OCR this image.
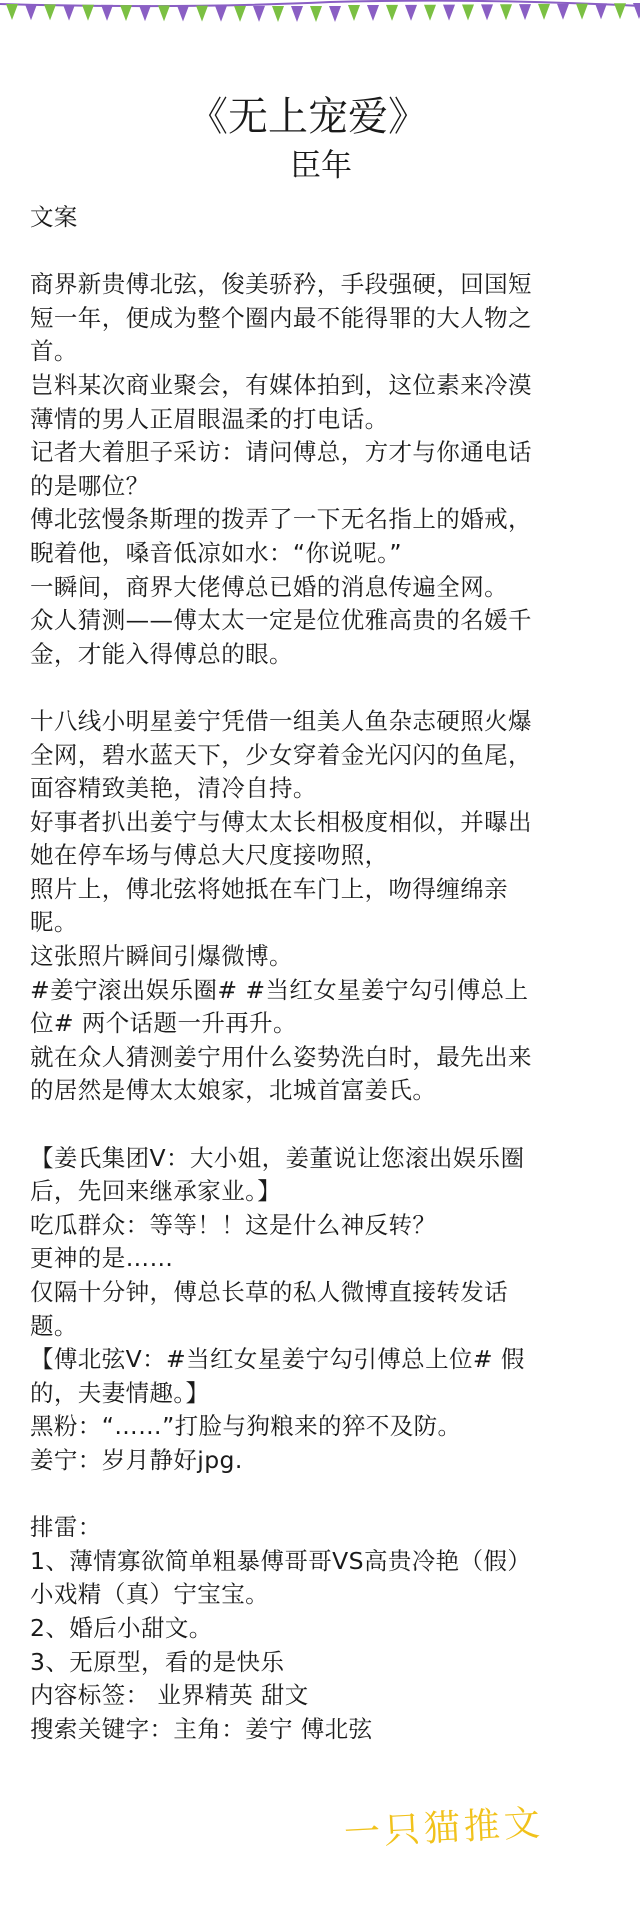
《无上宠爱》
臣年
文案
商界新贵傅北弦，俊美骄矜，手段强硬，回国短
短一年，便成为整个圈内最不能得罪的大人物之
首。
岂料某次商业聚会，有媒体拍到，这位素来冷漠
薄情的男人正眉眼温柔的打电话。
记者大着胆子采访：请问傅总，方才与你通电话
的是哪位？
傅北弦慢条斯理的拨弄了一下无名指上的婚戒，
睨着他，嗓音低凉如水：“你说呢。”
一瞬间，商界大佬傅总已婚的消息传遍全网。
众人猜测——傅太太一定是位优雅高贵的名媛千
金，才能入得傅总的眼。
十八线小明星姜宁凭借一组美人鱼杂志硬照火爆
全网，碧水蓝天下，少女穿着金光闪闪的鱼尾，
面容精致美艳，清冷自持。
好事者扒出姜宁与傅太太长相极度相似，并曝出
她在停车场与傅总大尺度接吻照，
照片上，傅北弦将她抵在车门上，吻得缠绵亲
昵。
这张照片瞬间引爆微博。
#姜宁滚出娱乐圈# #当红女星姜宁勾引傅总上
位# 两个话题一升再升。
就在众人猜测姜宁用什么姿势洗白时，最先出来
的居然是傅太太娘家，北城首富姜氏。
【姜氏集团V：大小姐，姜董说让您滚出娱乐圈
后，先回来继承家业。】
吃瓜群众：等等！！这是什么神反转？
更神的是……
仅隔十分钟，傅总长草的私人微博直接转发话
题。
【傅北弦V：#当红女星姜宁勾引傅总上位# 假
的，夫妻情趣。】
黑粉：“……”打脸与狗粮来的猝不及防。
姜宁：岁月静好jpg.
排雷：
1、薄情寡欲简单粗暴傅哥哥VS高贵冷艳（假）
小戏精（真）宁宝宝。
2、婚后小甜文。
3、无原型，看的是快乐
内容标签： 业界精英 甜文
搜索关键字：主角：姜宁 傅北弦
一只猫推文
